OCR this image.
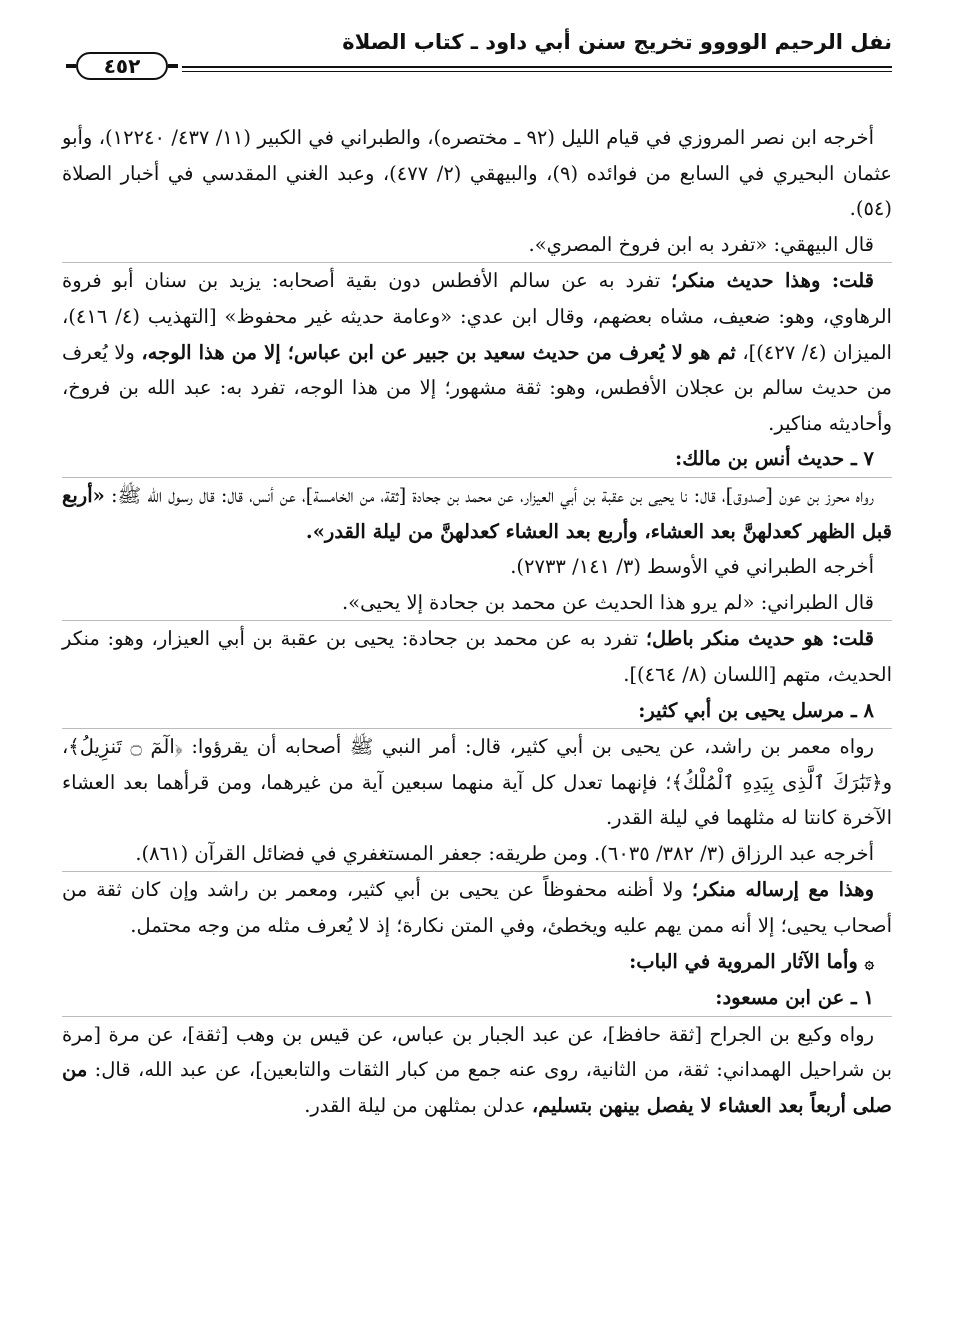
نفل الرحيم الوووو تخريج سنن أبي داود ـ كتاب الصلاة
٤٥٢

أخرجه ابن نصر المروزي في قيام الليل (٩٢ ـ مختصره)، والطبراني في الكبير (١١/ ٤٣٧/ ١٢٢٤٠)، وأبو عثمان البحيري في السابع من فوائده (٩)، والبيهقي (٢/ ٤٧٧)، وعبد الغني المقدسي في أخبار الصلاة (٥٤).

قال البيهقي: «تفرد به ابن فروخ المصري».

قلت: وهذا حديث منكر؛ تفرد به عن سالم الأفطس دون بقية أصحابه: يزيد بن سنان أبو فروة الرهاوي، وهو: ضعيف، مشاه بعضهم، وقال ابن عدي: «وعامة حديثه غير محفوظ» [التهذيب (٤/ ٤١٦)، الميزان (٤/ ٤٢٧)]، ثم هو لا يُعرف من حديث سعيد بن جبير عن ابن عباس؛ إلا من هذا الوجه، ولا يُعرف من حديث سالم بن عجلان الأفطس، وهو: ثقة مشهور؛ إلا من هذا الوجه، تفرد به: عبد الله بن فروخ، وأحاديثه مناكير.

٧ ـ حديث أنس بن مالك:

رواه محرز بن عون [صدوق]، قال: نا يحيى بن عقبة بن أبي العيزار، عن محمد بن جحادة [ثقة، من الخامسة]، عن أنس، قال: قال رسول الله ﷺ: «أربع قبل الظهر كعدلهنَّ بعد العشاء، وأربع بعد العشاء كعدلهنَّ من ليلة القدر».

أخرجه الطبراني في الأوسط (٣/ ١٤١/ ٢٧٣٣).

قال الطبراني: «لم يرو هذا الحديث عن محمد بن جحادة إلا يحيى».

قلت: هو حديث منكر باطل؛ تفرد به عن محمد بن جحادة: يحيى بن عقبة بن أبي العيزار، وهو: منكر الحديث، متهم [اللسان (٨/ ٤٦٤)].

٨ ـ مرسل يحيى بن أبي كثير:

رواه معمر بن راشد، عن يحيى بن أبي كثير، قال: أمر النبي ﷺ أصحابه أن يقرؤوا: ﴿الٓمٓ ۝ تَنزِيلُ﴾، و﴿تَبَٰرَكَ ٱلَّذِى بِيَدِهِ ٱلْمُلْكُ﴾؛ فإنهما تعدل كل آية منهما سبعين آية من غيرهما، ومن قرأهما بعد العشاء الآخرة كانتا له مثلهما في ليلة القدر.

أخرجه عبد الرزاق (٣/ ٣٨٢/ ٦٠٣٥). ومن طريقه: جعفر المستغفري في فضائل القرآن (٨٦١).

وهذا مع إرساله منكر؛ ولا أظنه محفوظاً عن يحيى بن أبي كثير، ومعمر بن راشد وإن كان ثقة من أصحاب يحيى؛ إلا أنه ممن يهم عليه ويخطئ، وفي المتن نكارة؛ إذ لا يُعرف مثله من وجه محتمل.

۞ وأما الآثار المروية في الباب:

١ ـ عن ابن مسعود:

رواه وكيع بن الجراح [ثقة حافظ]، عن عبد الجبار بن عباس، عن قيس بن وهب [ثقة]، عن مرة [مرة بن شراحيل الهمداني: ثقة، من الثانية، روى عنه جمع من كبار الثقات والتابعين]، عن عبد الله، قال: من صلى أربعاً بعد العشاء لا يفصل بينهن بتسليم، عدلن بمثلهن من ليلة القدر.
